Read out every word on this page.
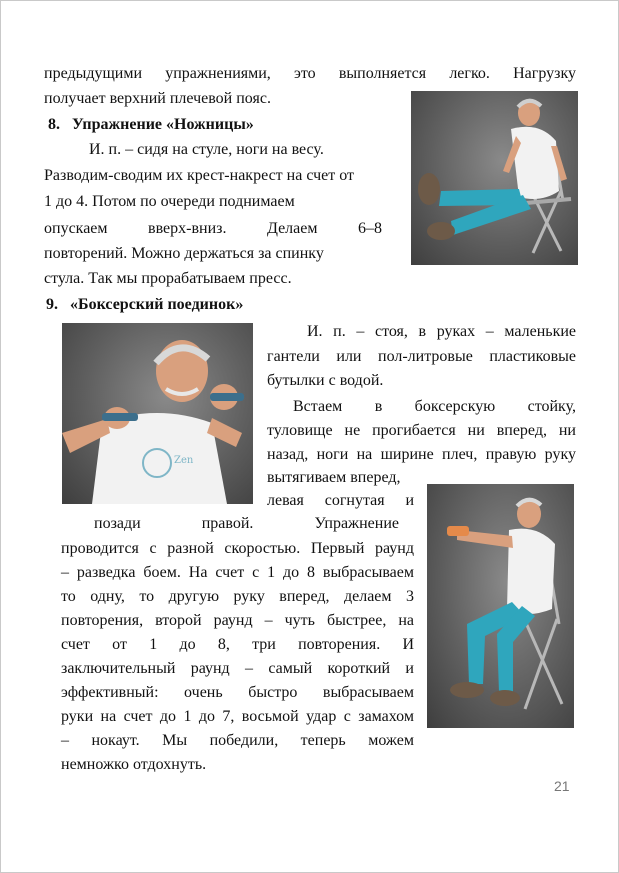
предыдущими упражнениями, это выполняется легко. Нагрузку
получает верхний плечевой пояс.
8.   Упражнение «Ножницы»
И. п. – сидя на стуле, ноги на весу.
Разводим-сводим их крест-накрест на счет от
1 до 4. Потом по очереди поднимаем
опускаем вверх-вниз. Делаем 6–8
повторений. Можно держаться за спинку
стула. Так мы прорабатываем пресс.
9.   «Боксерский поединок»
И. п. – стоя, в руках – маленькие
гантели или пол-литровые пластиковые
бутылки с водой.
Встаем в боксерскую стойку,
туловище не прогибается ни вперед, ни
назад, ноги на ширине плеч, правую руку
вытягиваем вперед,
левая согнутая и
позади правой. Упражнение
проводится с разной скоростью. Первый раунд
– разведка боем. На счет с 1 до 8 выбрасываем
то одну, то другую руку вперед, делаем 3
повторения, второй раунд – чуть быстрее, на
счет от 1 до 8, три повторения. И
заключительный раунд – самый короткий и
эффективный: очень быстро выбрасываем
руки на счет до 1 до 7, восьмой удар с замахом
– нокаут. Мы победили, теперь можем
немножко отдохнуть.
Zen
21
